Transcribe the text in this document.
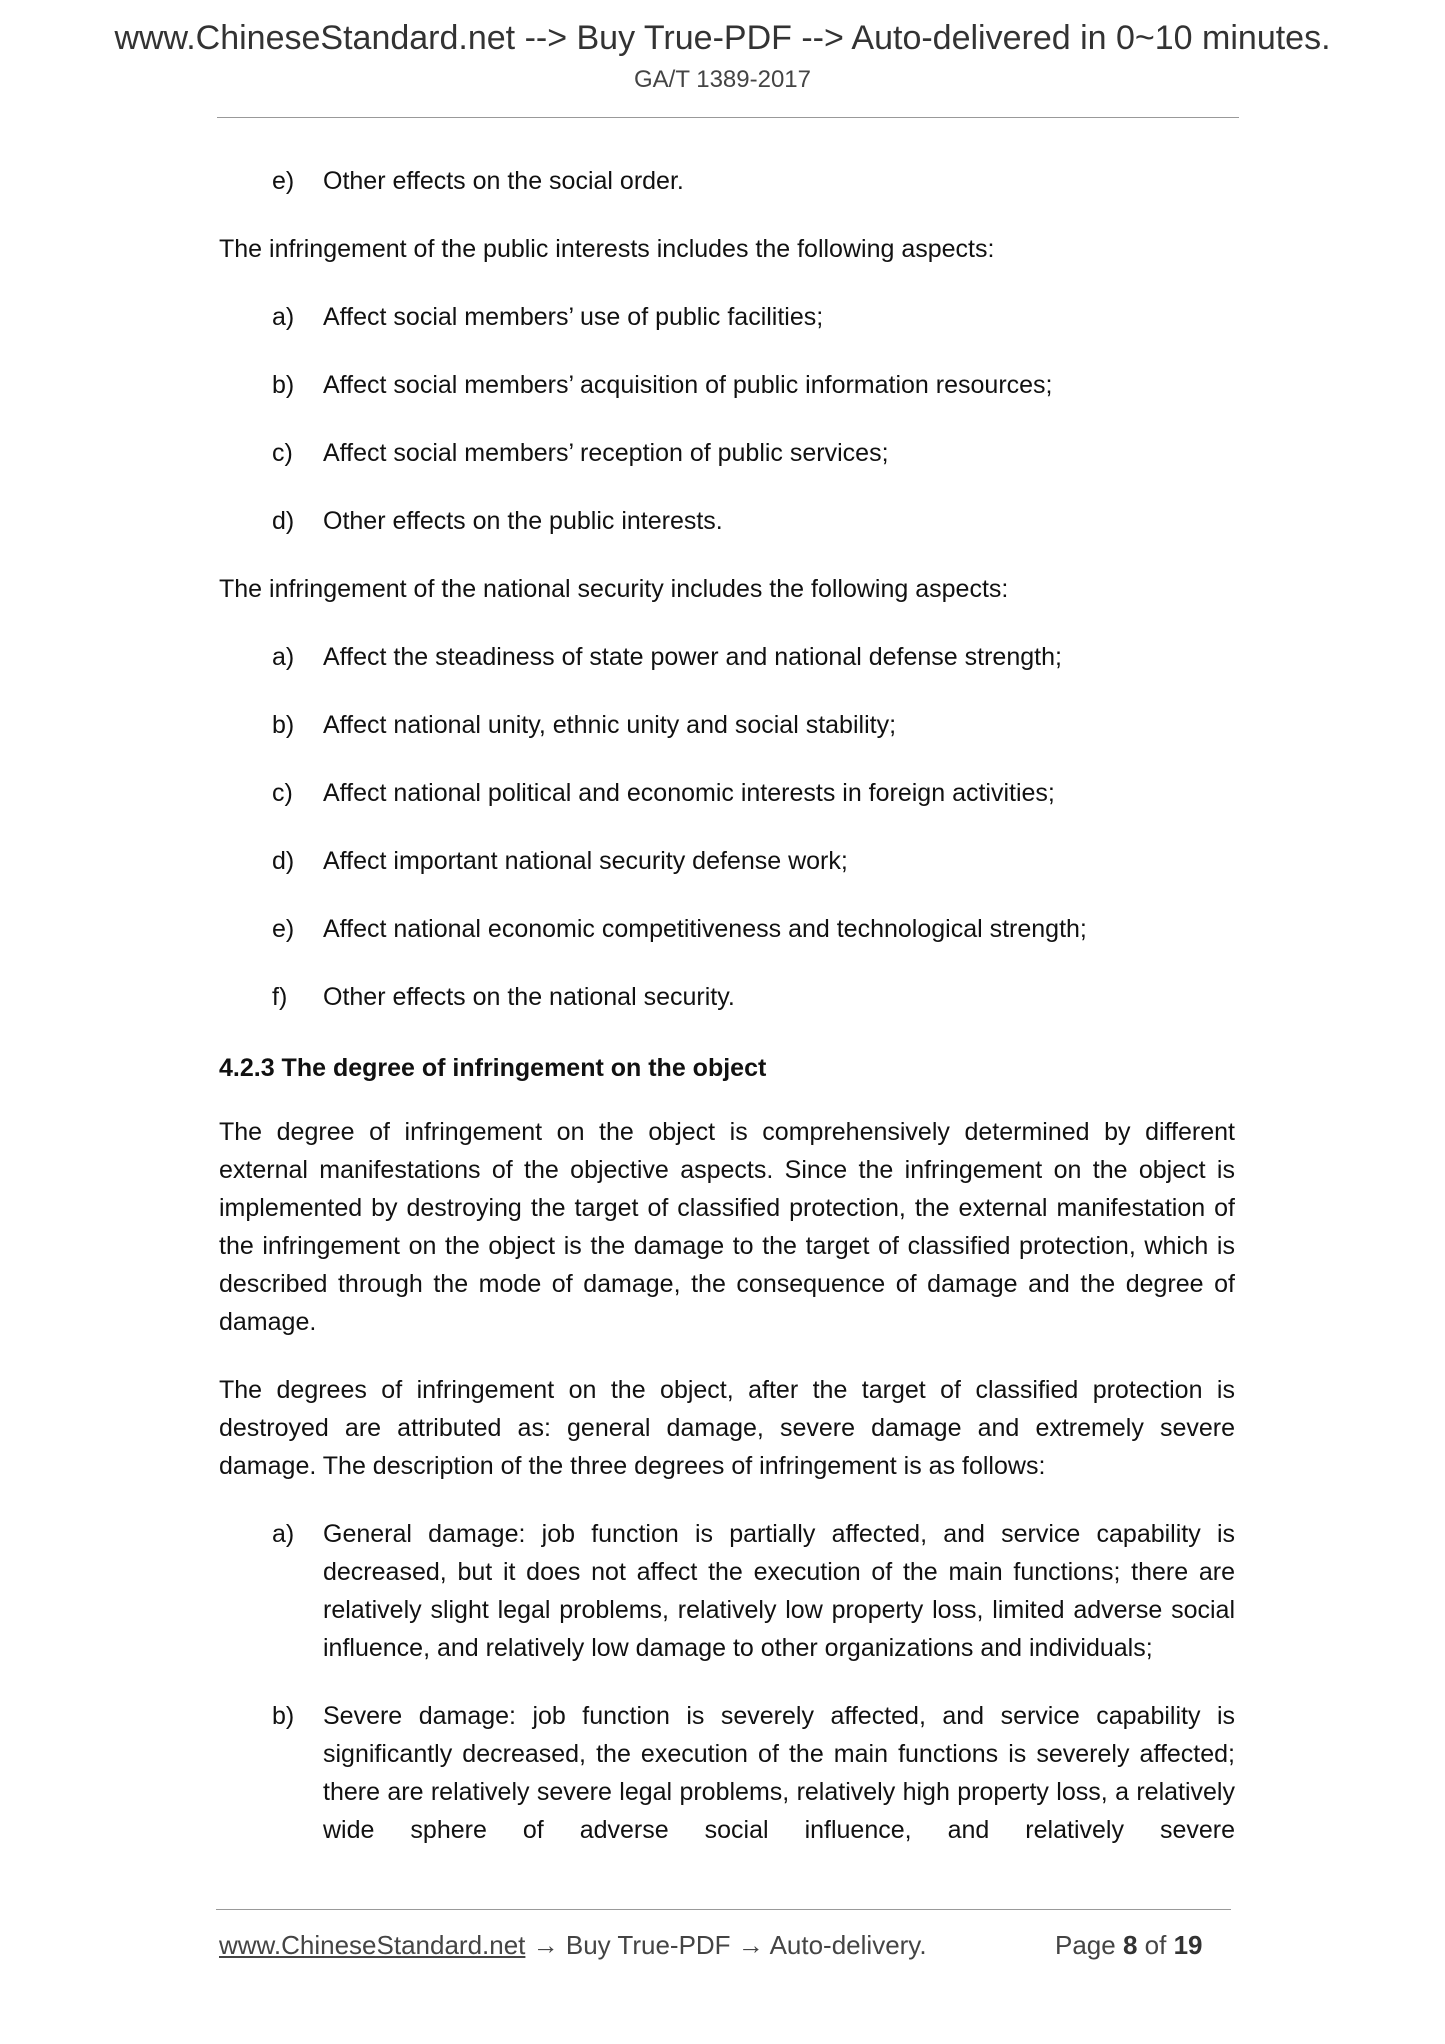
www.ChineseStandard.net --> Buy True-PDF --> Auto-delivered in 0~10 minutes.
GA/T 1389-2017
e) Other effects on the social order.
The infringement of the public interests includes the following aspects:
a) Affect social members’ use of public facilities;
b) Affect social members’ acquisition of public information resources;
c) Affect social members’ reception of public services;
d) Other effects on the public interests.
The infringement of the national security includes the following aspects:
a) Affect the steadiness of state power and national defense strength;
b) Affect national unity, ethnic unity and social stability;
c) Affect national political and economic interests in foreign activities;
d) Affect important national security defense work;
e) Affect national economic competitiveness and technological strength;
f) Other effects on the national security.
4.2.3 The degree of infringement on the object
The degree of infringement on the object is comprehensively determined by different external manifestations of the objective aspects. Since the infringement on the object is implemented by destroying the target of classified protection, the external manifestation of the infringement on the object is the damage to the target of classified protection, which is described through the mode of damage, the consequence of damage and the degree of damage.
The degrees of infringement on the object, after the target of classified protection is destroyed are attributed as: general damage, severe damage and extremely severe damage. The description of the three degrees of infringement is as follows:
a) General damage: job function is partially affected, and service capability is decreased, but it does not affect the execution of the main functions; there are relatively slight legal problems, relatively low property loss, limited adverse social influence, and relatively low damage to other organizations and individuals;
b) Severe damage: job function is severely affected, and service capability is significantly decreased, the execution of the main functions is severely affected; there are relatively severe legal problems, relatively high property loss, a relatively wide sphere of adverse social influence, and relatively severe
www.ChineseStandard.net → Buy True-PDF → Auto-delivery.	Page 8 of 19
